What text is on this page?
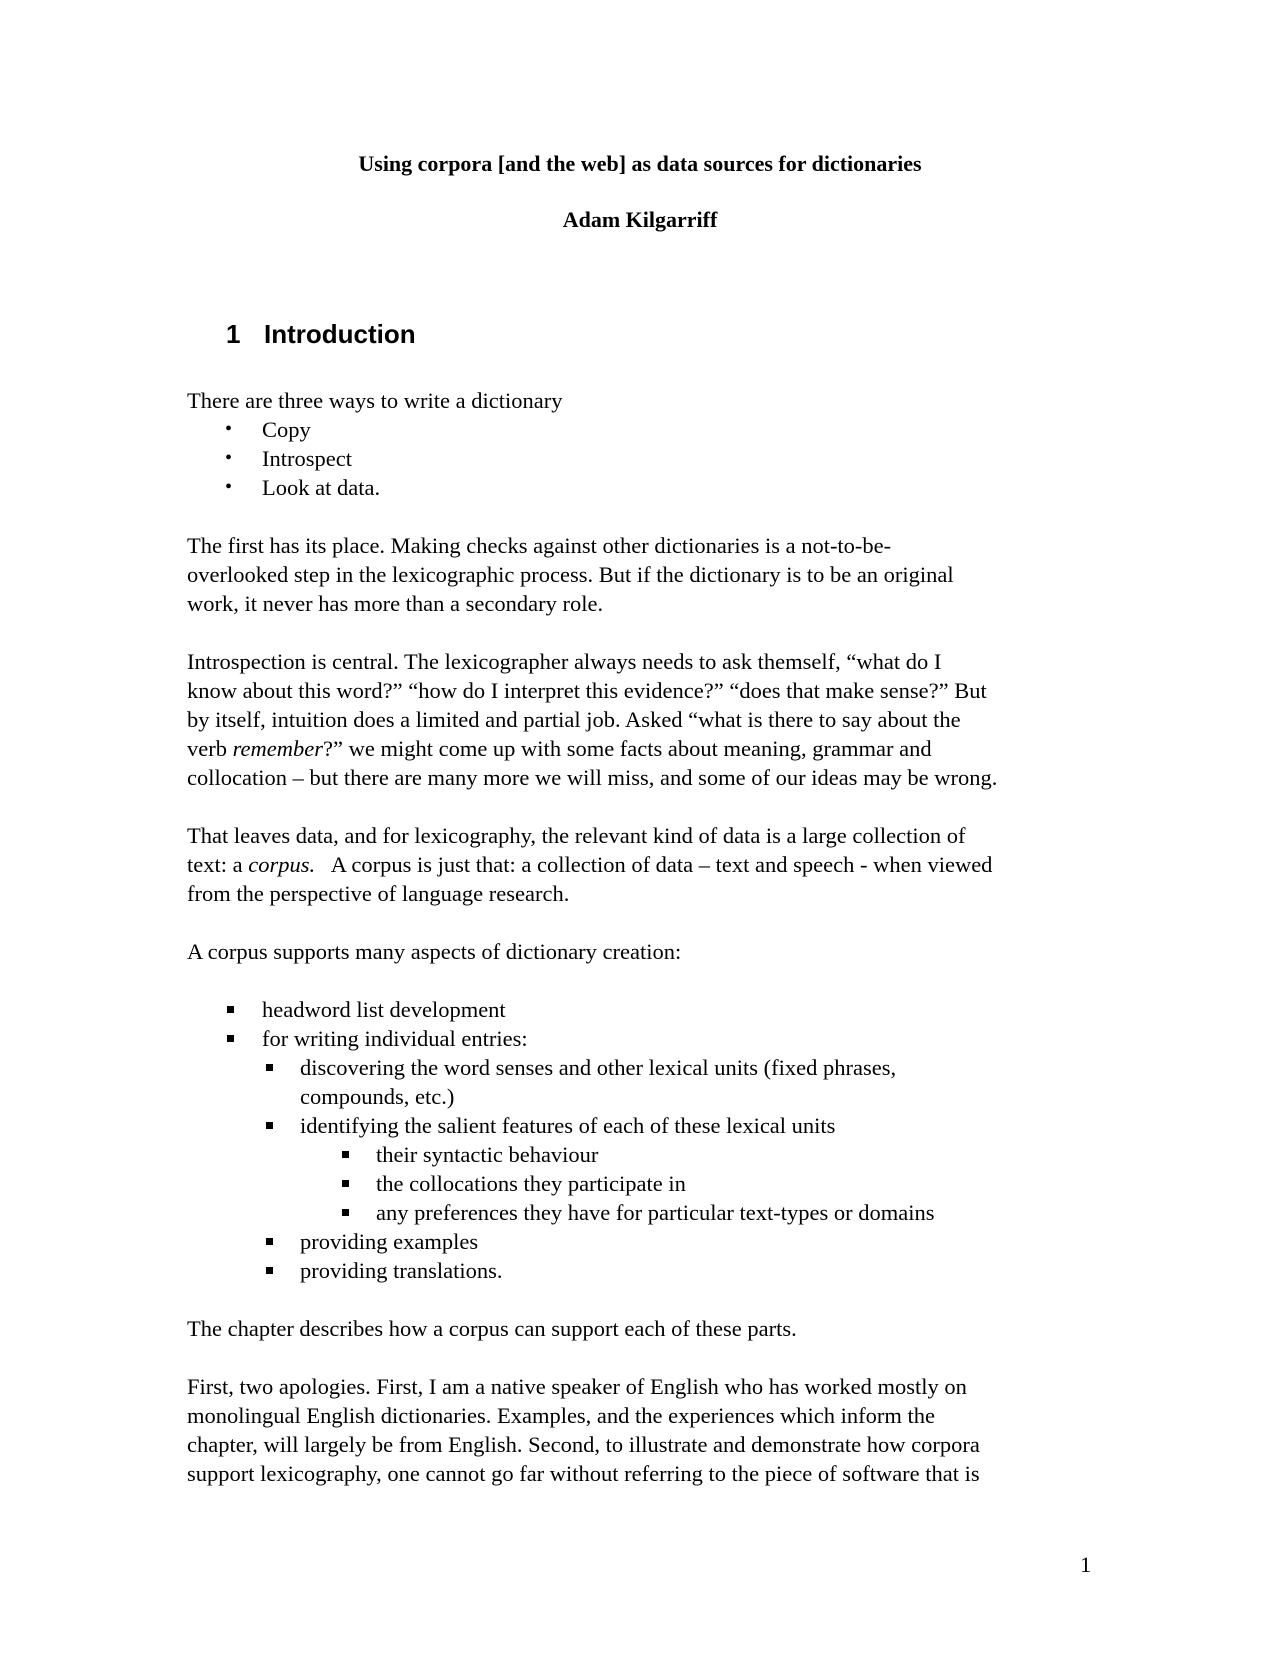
Using corpora [and the web] as data sources for dictionaries
Adam Kilgarriff
1 Introduction

There are three ways to write a dictionary

• Copy
• Introspect
• Look at data.

The first has its place. Making checks against other dictionaries is a not-to-be-
overlooked step in the lexicographic process. But if the dictionary is to be an original
work, it never has more than a secondary role.

Introspection is central. The lexicographer always needs to ask themself, “what do I
know about this word?” “how do I interpret this evidence?” “does that make sense?” But
by itself, intuition does a limited and partial job. Asked “what is there to say about the
verb remember?” we might come up with some facts about meaning, grammar and
collocation – but there are many more we will miss, and some of our ideas may be wrong.

That leaves data, and for lexicography, the relevant kind of data is a large collection of
text: a corpus.   A corpus is just that: a collection of data – text and speech - when viewed
from the perspective of language research.

A corpus supports many aspects of dictionary creation:

headword list development
for writing individual entries:
discovering the word senses and other lexical units (fixed phrases,
compounds, etc.)
identifying the salient features of each of these lexical units
their syntactic behaviour
the collocations they participate in
any preferences they have for particular text-types or domains
providing examples
providing translations.

The chapter describes how a corpus can support each of these parts.

First, two apologies. First, I am a native speaker of English who has worked mostly on
monolingual English dictionaries. Examples, and the experiences which inform the
chapter, will largely be from English. Second, to illustrate and demonstrate how corpora
support lexicography, one cannot go far without referring to the piece of software that is

1
